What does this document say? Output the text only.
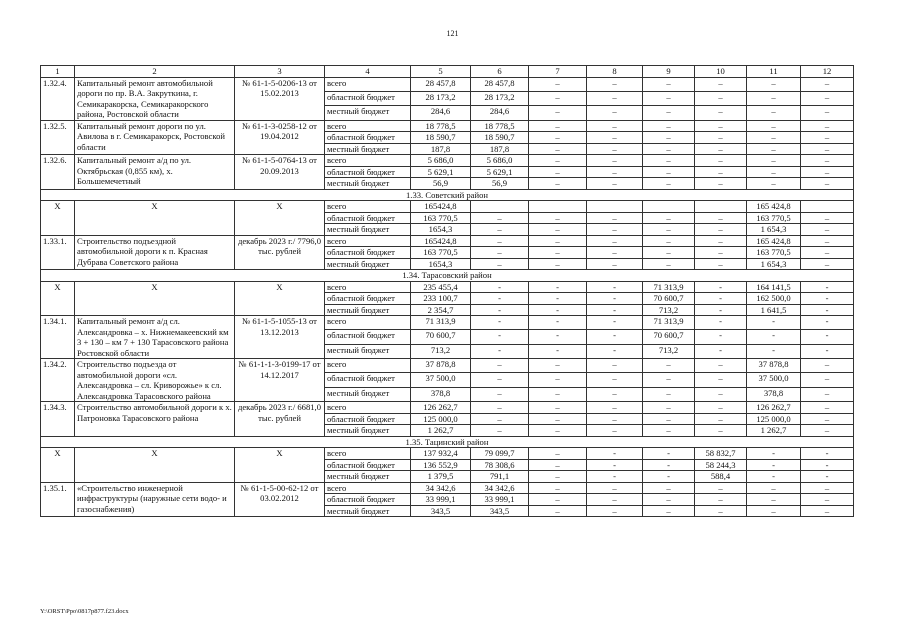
121
1	2	3	4	5	6	7	8	9	10	11	12
1.32.4.	Капитальный ремонт автомобильной дороги по пр. В.А. Закруткина, г. Семикаракорска, Семикаракорского района, Ростовской области	№ 61-1-5-0206-13 от 15.02.2013	всего	28 457,8	28 457,8	–	–	–	–	–	–
			областной бюджет	28 173,2	28 173,2	–	–	–	–	–	–
			местный бюджет	284,6	284,6	–	–	–	–	–	–
1.32.5.	Капитальный ремонт дороги по ул. Авилова в г. Семикаракорск, Ростовской области	№ 61-1-3-0258-12 от 19.04.2012	всего	18 778,5	18 778,5	–	–	–	–	–	–
			областной бюджет	18 590,7	18 590,7	–	–	–	–	–	–
			местный бюджет	187,8	187,8	–	–	–	–	–	–
1.32.6.	Капитальный ремонт а/д по ул. Октябрьская (0,855 км), х. Большемечетный	№ 61-1-5-0764-13 от 20.09.2013	всего	5 686,0	5 686,0	–	–	–	–	–	–
			областной бюджет	5 629,1	5 629,1	–	–	–	–	–	–
			местный бюджет	56,9	56,9	–	–	–	–	–	–
1.33. Советский район											
Х	Х	Х	всего	165424,8						165 424,8	
			областной бюджет	163 770,5	–	–	–	–	–	163 770,5	–
			местный бюджет	1654,3	–	–	–	–	–	1 654,3	–
1.33.1.	Строительство подъездной автомобильной дороги к п. Красная Дубрава Советского района	декабрь 2023 г./ 7796,0 тыс. рублей	всего	165424,8	–	–	–	–	–	165 424,8	–
			областной бюджет	163 770,5	–	–	–	–	–	163 770,5	–
			местный бюджет	1654,3	–	–	–	–	–	1 654,3	–
1.34. Тарасовский район											
Х	Х	Х	всего	235 455,4	-	-	-	71 313,9	-	164 141,5	-
			областной бюджет	233 100,7	-	-	-	70 600,7	-	162 500,0	-
			местный бюджет	2 354,7	-	-	-	713,2	-	1 641,5	-
1.34.1.	Капитальный ремонт а/д сл. Александровка – х. Нижнемакеевский км 3 + 130 – км 7 + 130 Тарасовского района Ростовской области	№ 61-1-5-1055-13 от 13.12.2013	всего	71 313,9	-	-	-	71 313,9	-	-	-
			областной бюджет	70 600,7	-	-	-	70 600,7	-	-	-
			местный бюджет	713,2	-	-	-	713,2	-	-	-
1.34.2.	Строительство подъезда от автомобильной дороги «сл. Александровка – сл. Криворожье» к сл. Александровка Тарасовского района	№ 61-1-1-3-0199-17 от 14.12.2017	всего	37 878,8	–	–	–	–	–	37 878,8	–
			областной бюджет	37 500,0	–	–	–	–	–	37 500,0	–
			местный бюджет	378,8	–	–	–	–	–	378,8	–
1.34.3.	Строительство автомобильной дороги к х. Патроновка Тарасовского района	декабрь 2023 г./ 6681,0 тыс. рублей	всего	126 262,7	–	–	–	–	–	126 262,7	–
			областной бюджет	125 000,0	–	–	–	–	–	125 000,0	–
			местный бюджет	1 262,7	–	–	–	–	–	1 262,7	–
1.35. Тацинский район											
Х	Х	Х	всего	137 932,4	79 099,7	–	-	-	58 832,7	-	-
			областной бюджет	136 552,9	78 308,6	–	-	-	58 244,3	-	-
			местный бюджет	1 379,5	791,1	–	-	-	588,4	-	-
1.35.1.	«Строительство инженерной инфраструктуры (наружные сети водо- и газоснабжения)	№ 61-1-5-00-62-12 от 03.02.2012	всего	34 342,6	34 342,6	–	–	–	–	–	–
			областной бюджет	33 999,1	33 999,1	–	–	–	–	–	–
			местный бюджет	343,5	343,5	–	–	–	–	–	–
Y:\ORST\Ppo\0817p877.f23.docx
